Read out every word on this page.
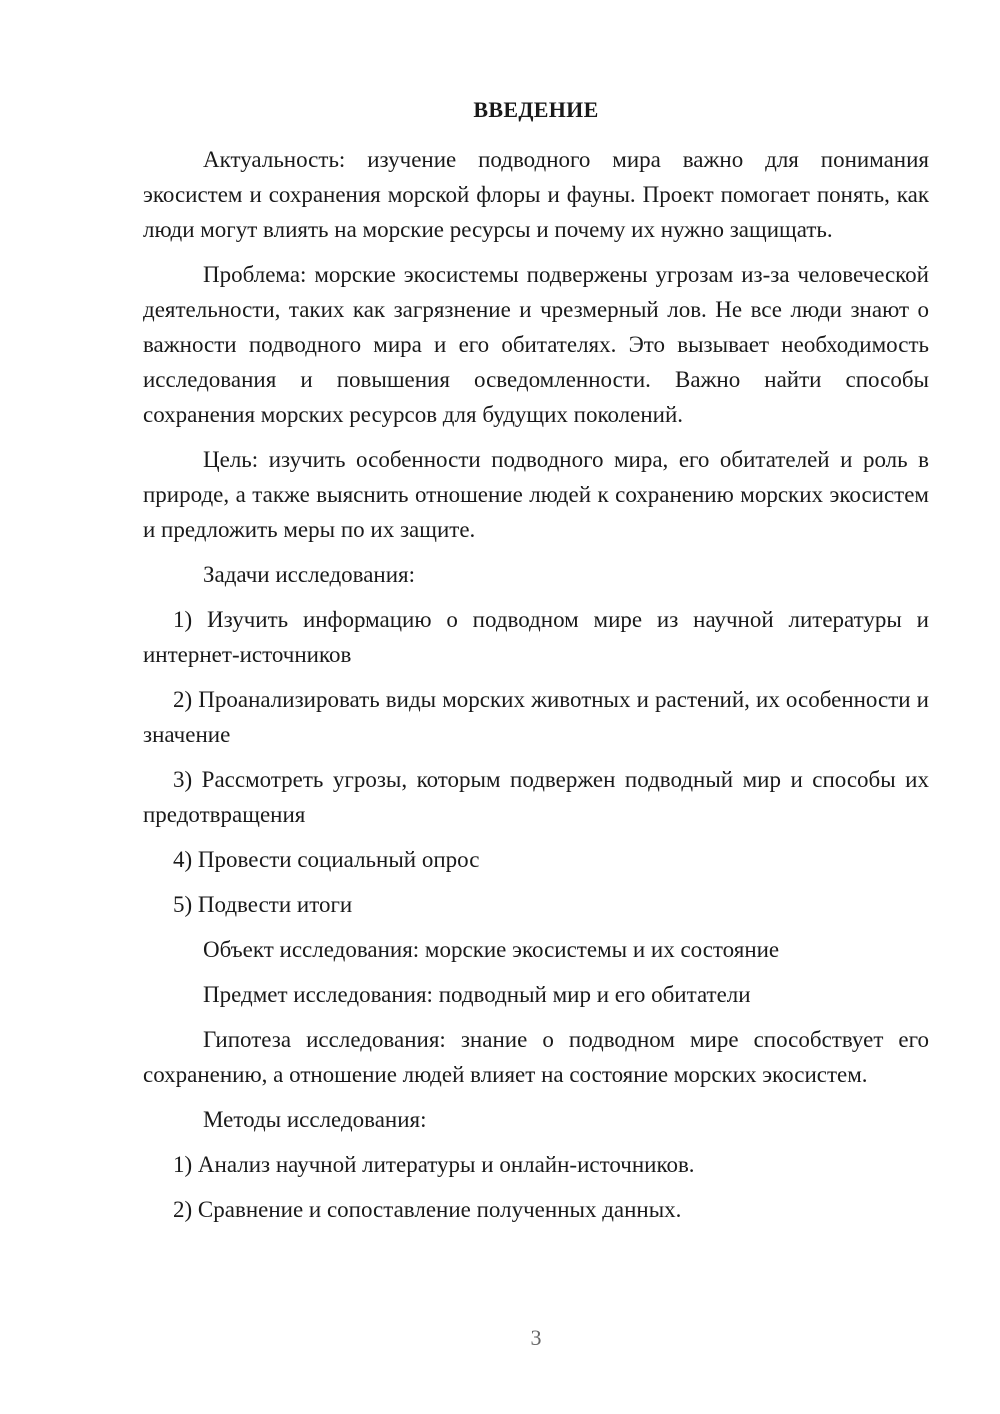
ВВЕДЕНИЕ

Актуальность: изучение подводного мира важно для понимания экосистем и сохранения морской флоры и фауны. Проект помогает понять, как люди могут влиять на морские ресурсы и почему их нужно защищать.

Проблема: морские экосистемы подвержены угрозам из-за человеческой деятельности, таких как загрязнение и чрезмерный лов. Не все люди знают о важности подводного мира и его обитателях. Это вызывает необходимость исследования и повышения осведомленности. Важно найти способы сохранения морских ресурсов для будущих поколений.

Цель: изучить особенности подводного мира, его обитателей и роль в природе, а также выяснить отношение людей к сохранению морских экосистем и предложить меры по их защите.

Задачи исследования:

1) Изучить информацию о подводном мире из научной литературы и интернет-источников

2) Проанализировать виды морских животных и растений, их особенности и значение

3) Рассмотреть угрозы, которым подвержен подводный мир и способы их предотвращения

4) Провести социальный опрос

5) Подвести итоги

Объект исследования: морские экосистемы и их состояние

Предмет исследования: подводный мир и его обитатели

Гипотеза исследования: знание о подводном мире способствует его сохранению, а отношение людей влияет на состояние морских экосистем.

Методы исследования:

1) Анализ научной литературы и онлайн-источников.

2) Сравнение и сопоставление полученных данных.

3
